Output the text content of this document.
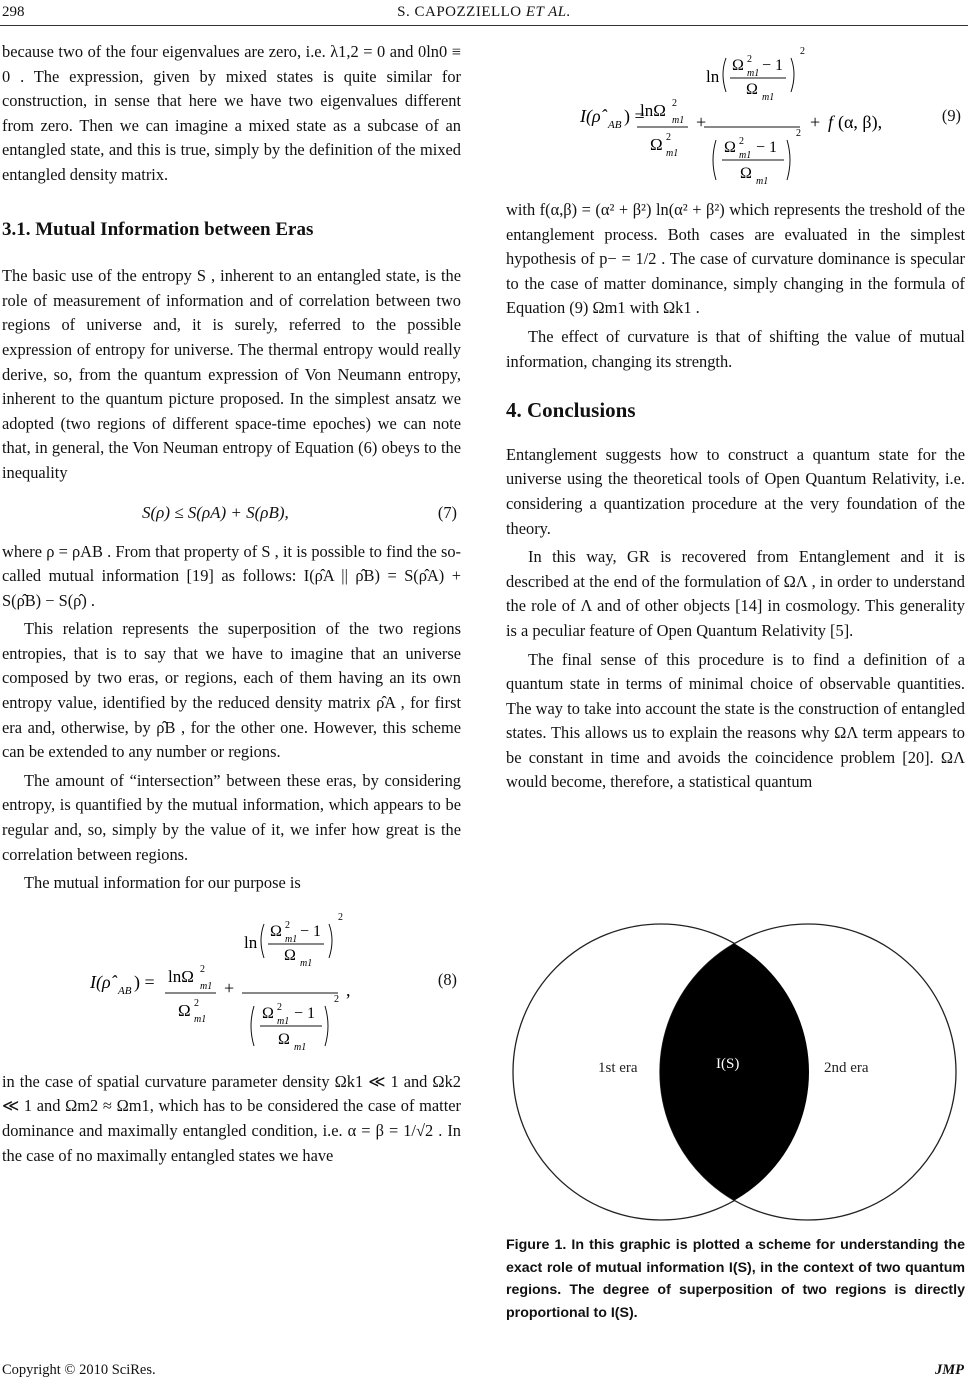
298	S. CAPOZZIELLO ET AL.

because two of the four eigenvalues are zero, i.e. λ1,2 = 0 and 0ln0 ≡ 0 . The expression, given by mixed states is quite similar for construction, in sense that here we have two eigenvalues different from zero. Then we can imagine a mixed state as a subcase of an entangled state, and this is true, simply by the definition of the mixed entangled density matrix.

3.1. Mutual Information between Eras

The basic use of the entropy S , inherent to an entangled state, is the role of measurement of information and of correlation between two regions of universe and, it is surely, referred to the possible expression of entropy for universe. The thermal entropy would really derive, so, from the quantum expression of Von Neumann entropy, inherent to the quantum picture proposed. In the simplest ansatz we adopted (two regions of different space-time epoches) we can note that, in general, the Von Neuman entropy of Equation (6) obeys to the inequality

S(ρ) ≤ S(ρA) + S(ρB),	(7)

where ρ = ρAB . From that property of S , it is possible to find the so-called mutual information [19] as follows: I(ρ̂A || ρ̂B) = S(ρ̂A) + S(ρ̂B) − S(ρ̂) .

This relation represents the superposition of the two regions entropies, that is to say that we have to imagine that an universe composed by two eras, or regions, each of them having an its own entropy value, identified by the reduced density matrix ρ̂A , for first era and, otherwise, by ρ̂B , for the other one. However, this scheme can be extended to any number or regions.

The amount of “intersection” between these eras, by considering entropy, is quantified by the mutual information, which appears to be regular and, so, simply by the value of it, we infer how great is the correlation between regions.

The mutual information for our purpose is

I(ρ̂ AB ) = lnΩ 2
m1
Ω 2
m1
+
ln
Ω 2
m1 − 1
Ω m1
2
Ω 2
m1 − 1
Ω m1
2 ,
(8)

in the case of spatial curvature parameter density Ωk1 ≪ 1 and Ωk2 ≪ 1 and Ωm2 ≈ Ωm1, which has to be considered the case of matter dominance and maximally entangled condition, i.e. α = β = 1/√2 . In the case of no maximally entangled states we have

I(ρ̂ AB ) =
lnΩ 2
m1
Ω 2
m1
+
ln
Ω 2
m1 − 1
Ω m1
2
Ω 2
m1 − 1
Ω m1
2
+ f (α, β),	(9)

with f(α,β) = (α² + β²) ln(α² + β²) which represents the treshold of the entanglement process. Both cases are evaluated in the simplest hypothesis of p− = 1/2 . The case of curvature dominance is specular to the case of matter dominance, simply changing in the formula of Equation (9) Ωm1 with Ωk1 .

The effect of curvature is that of shifting the value of mutual information, changing its strength.

4. Conclusions

Entanglement suggests how to construct a quantum state for the universe using the theoretical tools of Open Quantum Relativity, i.e. considering a quantization procedure at the very foundation of the theory.

In this way, GR is recovered from Entanglement and it is described at the end of the formulation of ΩΛ , in order to understand the role of Λ and of other objects [14] in cosmology. This generality is a peculiar feature of Open Quantum Relativity [5].

The final sense of this procedure is to find a definition of a quantum state in terms of minimal choice of observable quantities. The way to take into account the state is the construction of entangled states. This allows us to explain the reasons why ΩΛ term appears to be constant in time and avoids the coincidence problem [20]. ΩΛ would become, therefore, a statistical quantum

1st era	I(S)	2nd era
Figure 1. In this graphic is plotted a scheme for understanding the exact role of mutual information I(S), in the context of two quantum regions. The degree of superposition of two regions is directly proportional to I(S).
Copyright © 2010 SciRes.	JMP
